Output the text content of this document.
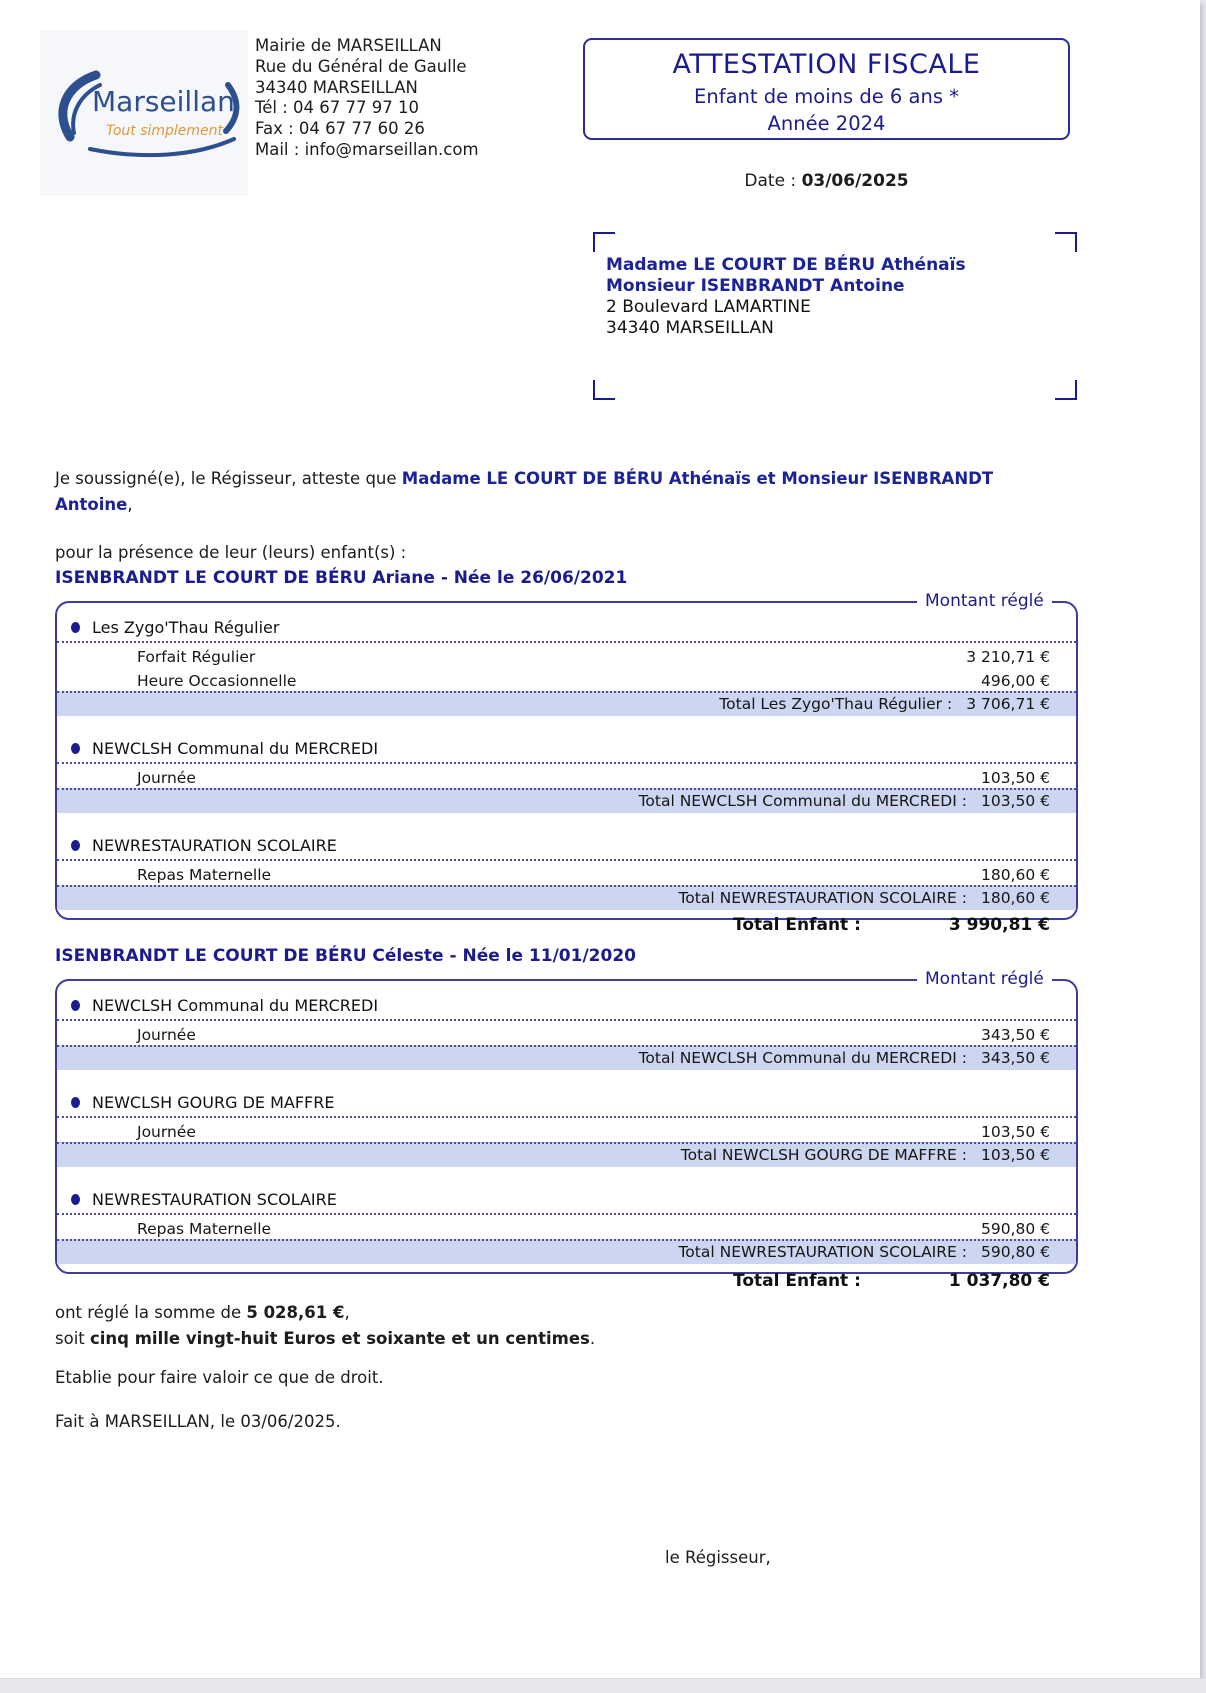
Marseillan
Tout simplement
Mairie de MARSEILLAN
Rue du Général de Gaulle
34340 MARSEILLAN
Tél : 04 67 77 97 10
Fax : 04 67 77 60 26
Mail : info@marseillan.com
ATTESTATION FISCALE
Enfant de moins de 6 ans *
Année 2024
Date : 03/06/2025
Madame LE COURT DE BÉRU Athénaïs
Monsieur ISENBRANDT Antoine
2 Boulevard LAMARTINE
34340 MARSEILLAN

Je soussigné(e), le Régisseur, atteste que Madame LE COURT DE BÉRU Athénaïs et Monsieur ISENBRANDT
Antoine,

pour la présence de leur (leurs) enfant(s) :

ISENBRANDT LE COURT DE BÉRU Ariane - Née le 26/06/2021
Montant réglé
Les Zygo'Thau Régulier
Forfait Régulier	3 210,71 €
Heure Occasionnelle	496,00 €
Total Les Zygo'Thau Régulier : 3 706,71 €
NEWCLSH Communal du MERCREDI
Journée	103,50 €
Total NEWCLSH Communal du MERCREDI : 103,50 €
NEWRESTAURATION SCOLAIRE
Repas Maternelle	180,60 €
Total NEWRESTAURATION SCOLAIRE : 180,60 €
Total Enfant :	3 990,81 €
ISENBRANDT LE COURT DE BÉRU Céleste - Née le 11/01/2020
Montant réglé
NEWCLSH Communal du MERCREDI
Journée	343,50 €
Total NEWCLSH Communal du MERCREDI : 343,50 €
NEWCLSH GOURG DE MAFFRE
Journée	103,50 €
Total NEWCLSH GOURG DE MAFFRE : 103,50 €
NEWRESTAURATION SCOLAIRE
Repas Maternelle	590,80 €
Total NEWRESTAURATION SCOLAIRE : 590,80 €
Total Enfant :	1 037,80 €
ont réglé la somme de 5 028,61 €,
soit cinq mille vingt-huit Euros et soixante et un centimes.
Etablie pour faire valoir ce que de droit.
Fait à MARSEILLAN, le 03/06/2025.
le Régisseur,
